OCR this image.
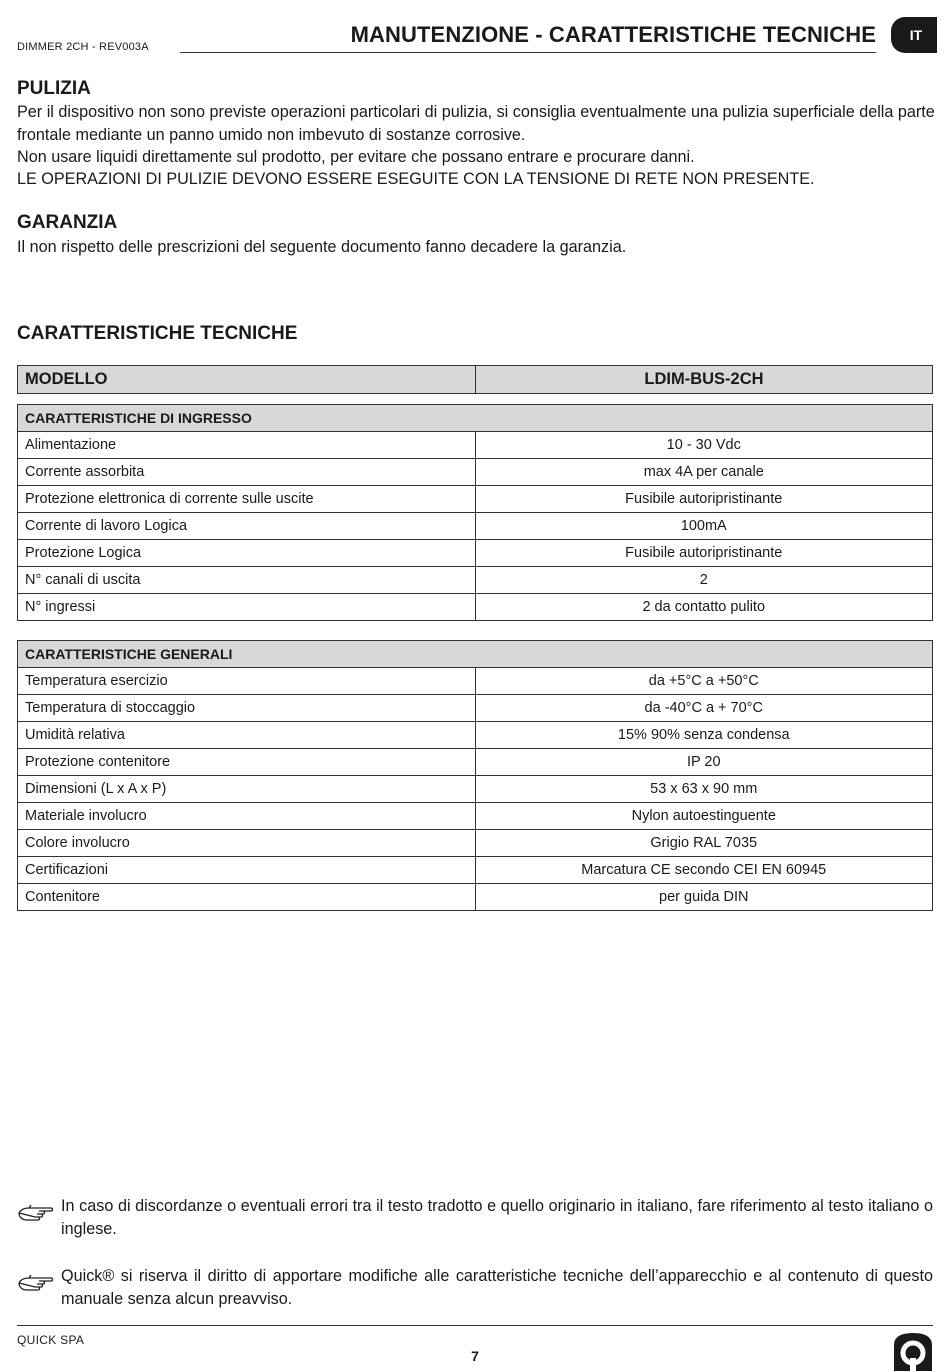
DIMMER 2CH - REV003A	MANUTENZIONE - CARATTERISTICHE TECNICHE	IT
PULIZIA

Per il dispositivo non sono previste operazioni particolari di pulizia, si consiglia eventualmente una pulizia superficiale della parte frontale mediante un panno umido non imbevuto di sostanze corrosive.

Non usare liquidi direttamente sul prodotto, per evitare che possano entrare e procurare danni.

LE OPERAZIONI DI PULIZIE DEVONO ESSERE ESEGUITE CON LA TENSIONE DI RETE NON PRESENTE.

GARANZIA

Il non rispetto delle prescrizioni del seguente documento fanno decadere la garanzia.

CARATTERISTICHE TECNICHE
MODELLO	LDIM-BUS-2CH
CARATTERISTICHE DI INGRESSO	
Alimentazione	10 - 30 Vdc
Corrente assorbita	max 4A per canale
Protezione elettronica di corrente sulle uscite	Fusibile autoripristinante
Corrente di lavoro Logica	100mA
Protezione Logica	Fusibile autoripristinante
N° canali di uscita	2
N° ingressi	2 da contatto pulito
CARATTERISTICHE GENERALI	
Temperatura esercizio	da +5°C a +50°C
Temperatura di stoccaggio	da -40°C a + 70°C
Umidità relativa	15% 90% senza condensa
Protezione contenitore	IP 20
Dimensioni (L x A x P)	53 x 63 x 90 mm
Materiale involucro	Nylon autoestinguente
Colore involucro	Grigio RAL 7035
Certificazioni	Marcatura CE secondo CEI EN 60945
Contenitore	per guida DIN

In caso di discordanze o eventuali errori tra il testo tradotto e quello originario in italiano, fare riferimento al testo italiano o inglese.

Quick® si riserva il diritto di apportare modifiche alle caratteristiche tecniche dell’apparecchio e al contenuto di questo manuale senza alcun preavviso.

QUICK SPA
7
